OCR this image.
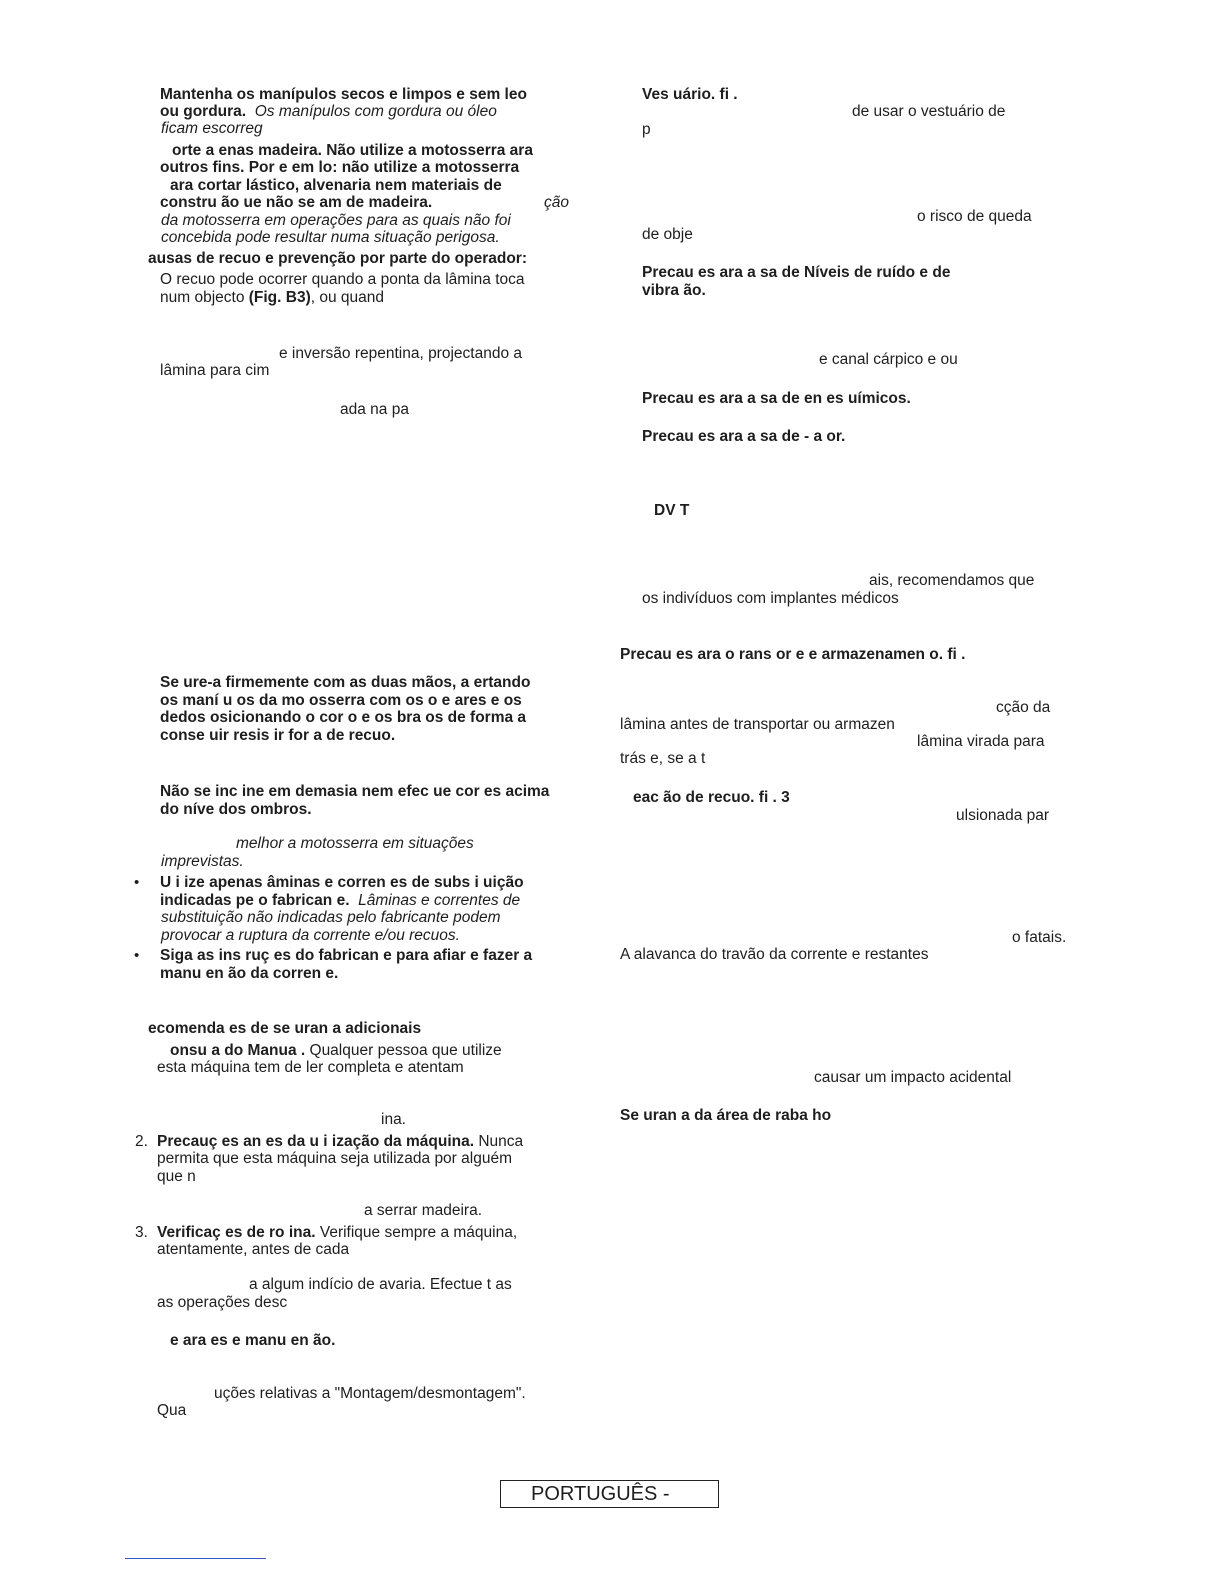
Mantenha os manípulos secos e limpos e sem leo
ou gordura. Os manípulos com gordura ou óleo
ficam escorreg
orte a enas madeira. Não utilize a motosserra ara
outros fins. Por e em lo: não utilize a motosserra
ara cortar lástico, alvenaria nem materiais de
constru ão ue não se am de madeira.	ção
da motosserra em operações para as quais não foi
concebida pode resultar numa situação perigosa.
ausas de recuo e prevenção por parte do operador:
O recuo pode ocorrer quando a ponta da lâmina toca
num objecto (Fig. B3), ou quand
e inversão repentina, projectando a
lâmina para cim
ada na pa
Se ure-a firmemente com as duas mãos, a ertando
os maní u os da mo osserra com os o e ares e os
dedos osicionando o cor o e os bra os de forma a
conse uir resis ir for a de recuo.
Não se inc ine em demasia nem efec ue cor es acima
do níve dos ombros.
melhor a motosserra em situações
imprevistas.
• U i ize apenas âminas e corren es de subs i uição
indicadas pe o fabrican e. Lâminas e correntes de
substituição não indicadas pelo fabricante podem
provocar a ruptura da corrente e/ou recuos.
• Siga as ins ruç es do fabrican e para afiar e fazer a
manu en ão da corren e.
ecomenda es de se uran a adicionais
onsu a do Manua . Qualquer pessoa que utilize
esta máquina tem de ler completa e atentam
ina.
2. Precauç es an es da u i ização da máquina. Nunca
permita que esta máquina seja utilizada por alguém
que n
a serrar madeira.
3. Verificaç es de ro ina. Verifique sempre a máquina,
atentamente, antes de cada
a algum indício de avaria. Efectue t as
as operações desc
e ara es e manu en ão.
uções relativas a "Montagem/desmontagem".
Qua
Ves uário. fi .
de usar o vestuário de
p
o risco de queda
de obje
Precau es ara a sa de Níveis de ruído e de
vibra ão.
e canal cárpico e ou
Precau es ara a sa de en es uímicos.
Precau es ara a sa de - a or.
DV T
ais, recomendamos que
os indivíduos com implantes médicos
Precau es ara o rans or e e armazenamen o. fi .
cção da
lâmina antes de transportar ou armazen
lâmina virada para
trás e, se a t
eac ão de recuo. fi . 3
ulsionada par
o fatais.
A alavanca do travão da corrente e restantes
causar um impacto acidental
Se uran a da área de raba ho
PORTUGUÊS -
